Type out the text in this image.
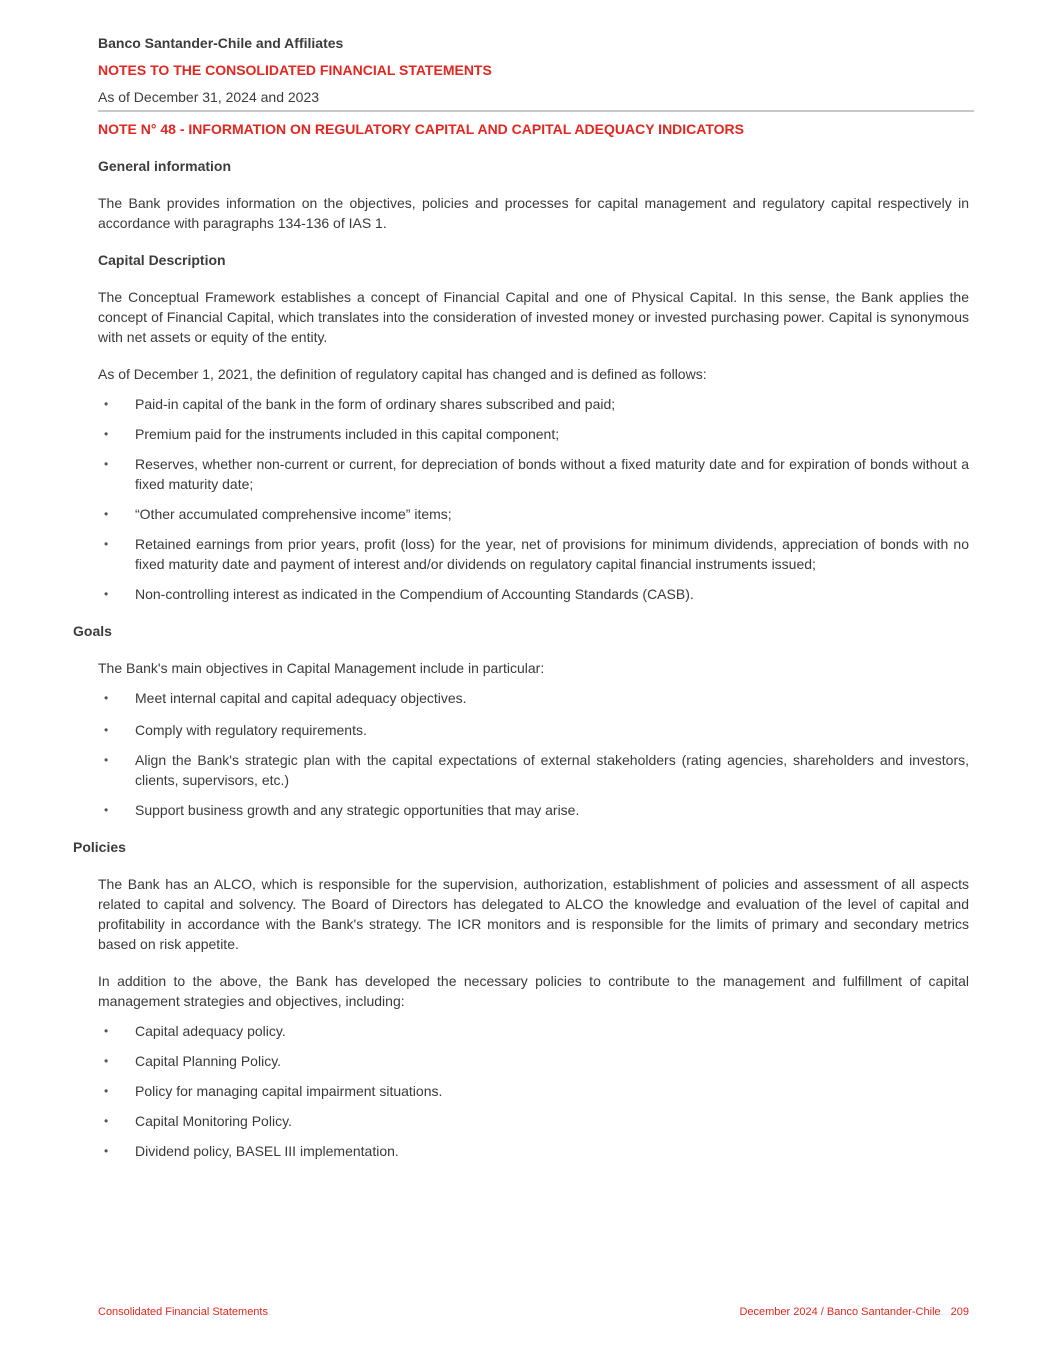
Banco Santander-Chile and Affiliates
NOTES TO THE CONSOLIDATED FINANCIAL STATEMENTS
As of December 31, 2024 and 2023
NOTE N° 48 - INFORMATION ON REGULATORY CAPITAL AND CAPITAL ADEQUACY INDICATORS
General information

The Bank provides information on the objectives, policies and processes for capital management and regulatory capital respectively in accordance with paragraphs 134-136 of IAS 1.

Capital Description

The Conceptual Framework establishes a concept of Financial Capital and one of Physical Capital. In this sense, the Bank applies the concept of Financial Capital, which translates into the consideration of invested money or invested purchasing power. Capital is synonymous with net assets or equity of the entity.

As of December 1, 2021, the definition of regulatory capital has changed and is defined as follows:

• Paid-in capital of the bank in the form of ordinary shares subscribed and paid;
• Premium paid for the instruments included in this capital component;
• Reserves, whether non-current or current, for depreciation of bonds without a fixed maturity date and for expiration of bonds without a fixed maturity date;
• “Other accumulated comprehensive income” items;
• Retained earnings from prior years, profit (loss) for the year, net of provisions for minimum dividends, appreciation of bonds with no fixed maturity date and payment of interest and/or dividends on regulatory capital financial instruments issued;
• Non-controlling interest as indicated in the Compendium of Accounting Standards (CASB).
Goals

The Bank's main objectives in Capital Management include in particular:

• Meet internal capital and capital adequacy objectives.
• Comply with regulatory requirements.
• Align the Bank's strategic plan with the capital expectations of external stakeholders (rating agencies, shareholders and investors, clients, supervisors, etc.)
• Support business growth and any strategic opportunities that may arise.
Policies

The Bank has an ALCO, which is responsible for the supervision, authorization, establishment of policies and assessment of all aspects related to capital and solvency. The Board of Directors has delegated to ALCO the knowledge and evaluation of the level of capital and profitability in accordance with the Bank's strategy. The ICR monitors and is responsible for the limits of primary and secondary metrics based on risk appetite.

In addition to the above, the Bank has developed the necessary policies to contribute to the management and fulfillment of capital management strategies and objectives, including:

• Capital adequacy policy.
• Capital Planning Policy.
• Policy for managing capital impairment situations.
• Capital Monitoring Policy.
• Dividend policy, BASEL III implementation.
Consolidated Financial Statements	December 2024 / Banco Santander-Chile 209
